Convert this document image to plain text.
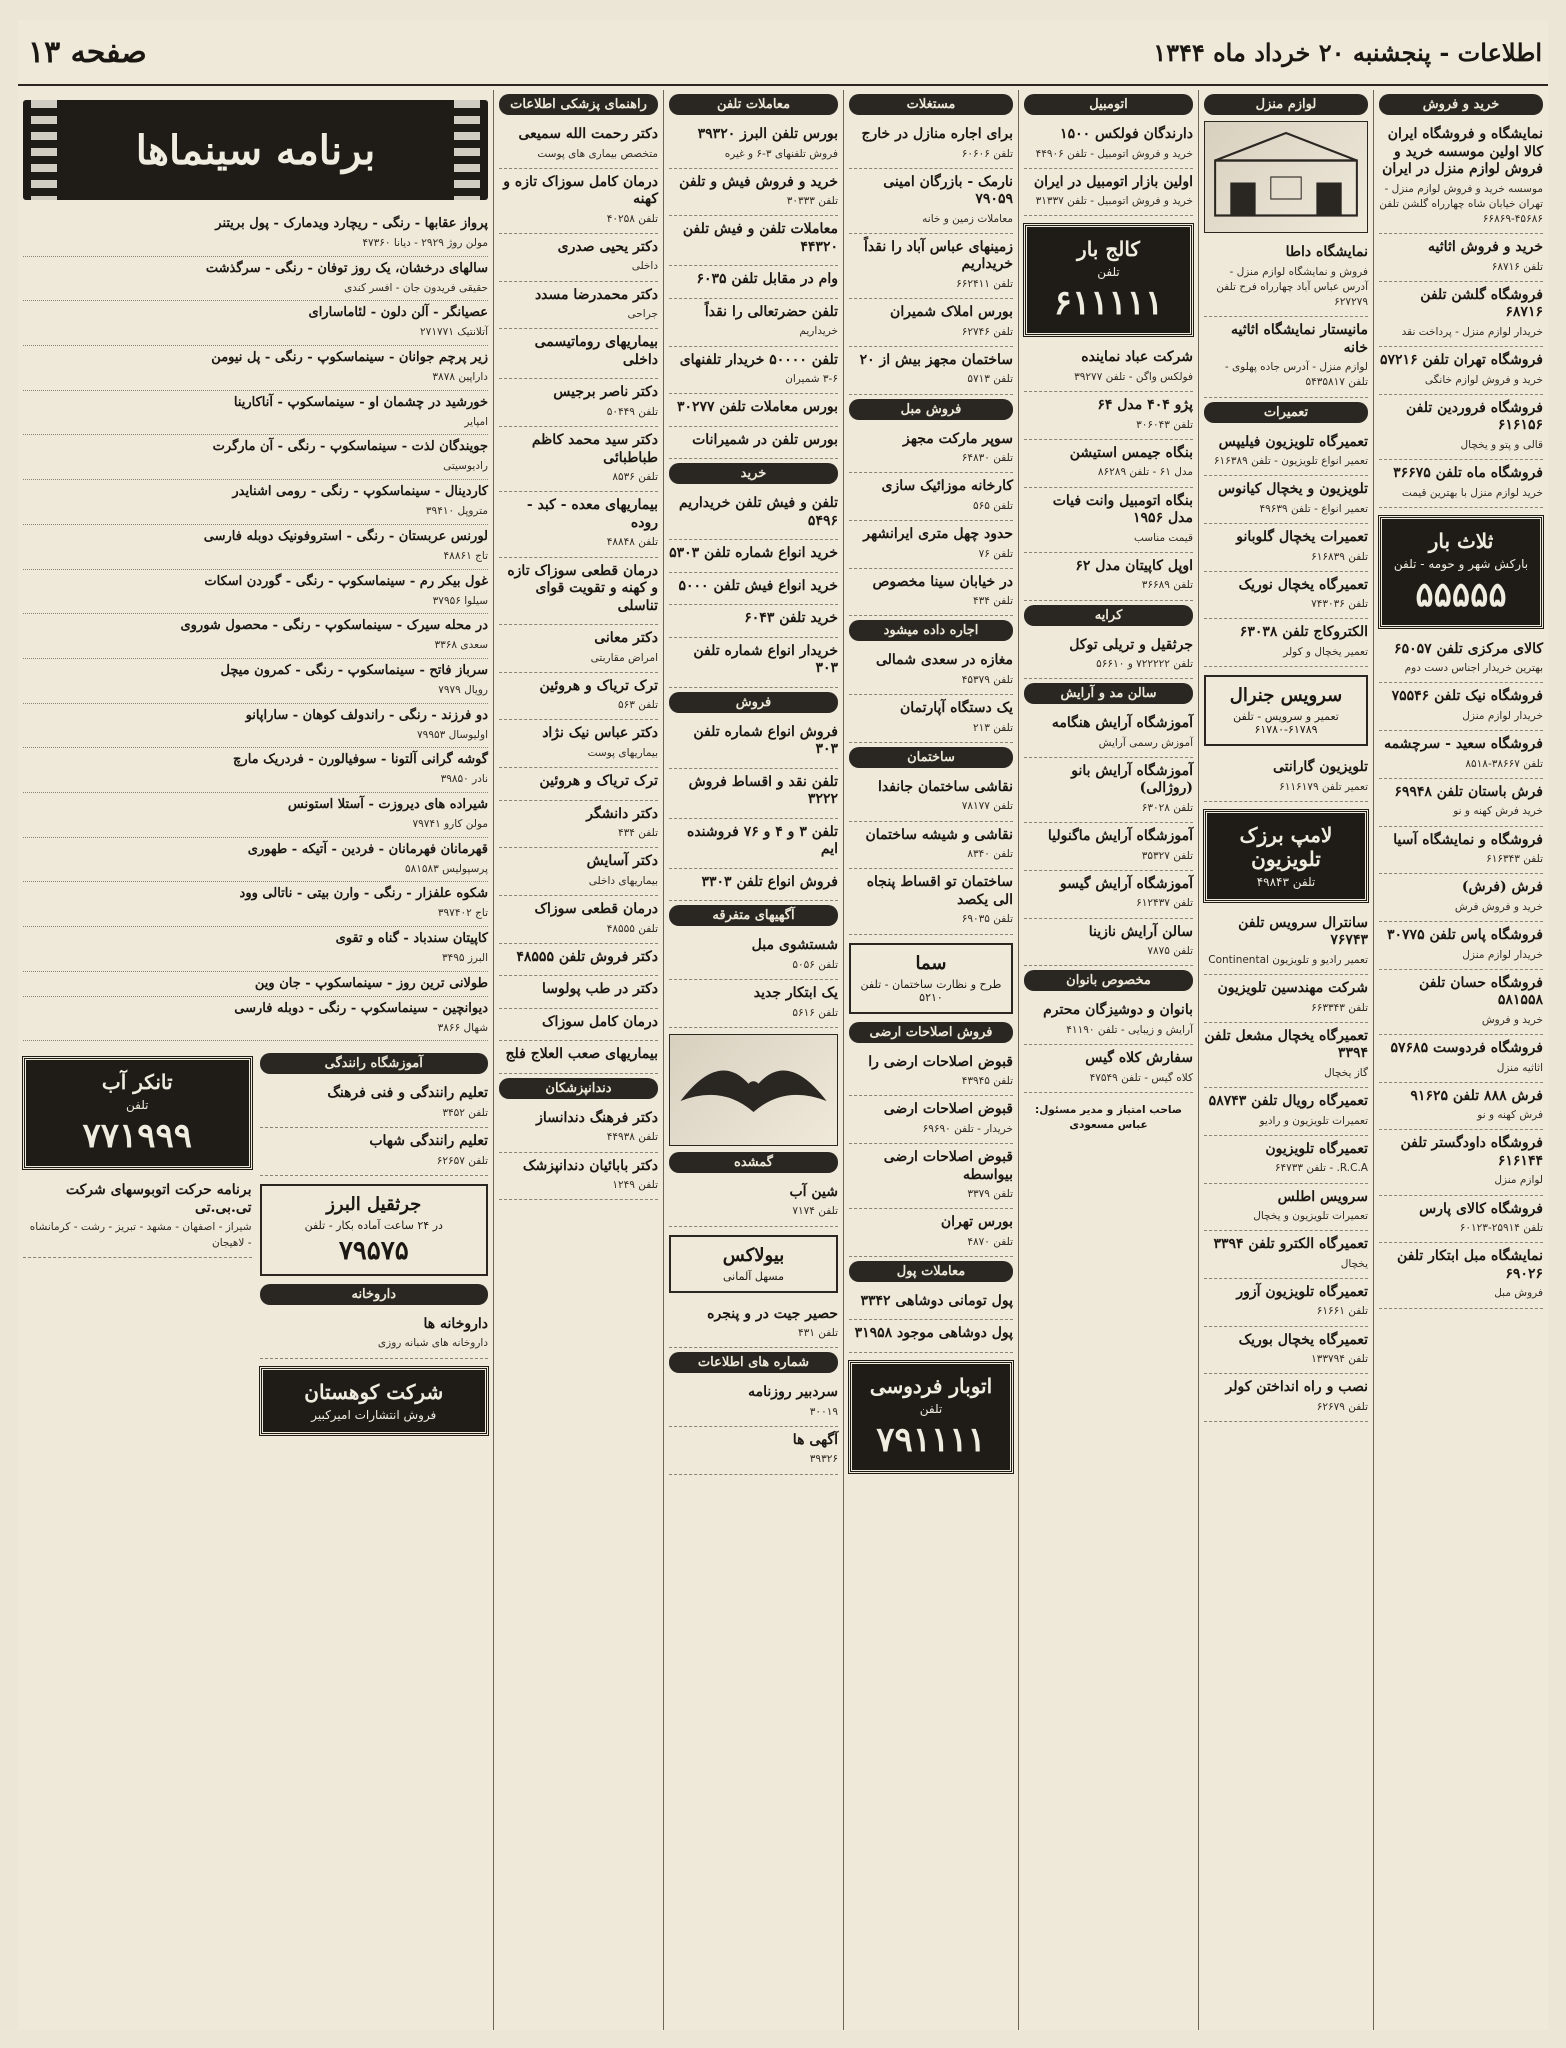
اطلاعات - پنجشنبه ۲۰ خرداد ماه ۱۳۴۴
صفحه ۱۳
خرید و فروش
نمایشگاه و فروشگاه ایران کالا اولین موسسه خرید و فروش لوازم منزل در ایران

موسسه خرید و فروش لوازم منزل - تهران خیابان شاه چهارراه گلشن تلفن ۴۵۶۸۶-۶۶۸۶۹

خرید و فروش اثاثیه

تلفن ۶۸۷۱۶

فروشگاه گلشن تلفن ۶۸۷۱۶

خریدار لوازم منزل - پرداخت نقد

فروشگاه تهران تلفن ۵۷۲۱۶

خرید و فروش لوازم خانگی

فروشگاه فروردین تلفن ۶۱۶۱۵۶

قالی و پتو و یخچال

فروشگاه ماه تلفن ۳۶۶۷۵

خرید لوازم منزل با بهترین قیمت

ثلاث بار
بارکش شهر و حومه - تلفن
۵۵۵۵۵
کالای مرکزی تلفن ۶۵۰۵۷

بهترین خریدار اجناس دست دوم

فروشگاه نیک تلفن ۷۵۵۴۶

خریدار لوازم منزل

فروشگاه سعید - سرچشمه

تلفن ۳۸۶۶۷-۸۵۱۸

فرش باستان تلفن ۶۹۹۴۸

خرید فرش کهنه و نو

فروشگاه و نمایشگاه آسیا

تلفن ۶۱۶۳۴۳

فرش (فرش)

خرید و فروش فرش

فروشگاه پاس تلفن ۳۰۷۷۵

خریدار لوازم منزل

فروشگاه حسان تلفن ۵۸۱۵۵۸

خرید و فروش

فروشگاه فردوست ۵۷۶۸۵

اثاثیه منزل

فرش ۸۸۸ تلفن ۹۱۶۲۵

فرش کهنه و نو

فروشگاه داودگستر تلفن ۶۱۶۱۴۴

لوازم منزل

فروشگاه کالای پارس

تلفن ۲۵۹۱۴-۶۰۱۲۳

نمایشگاه مبل ابتکار تلفن ۶۹۰۲۶

فروش مبل

لوازم منزل
نمایشگاه داطا

فروش و نمایشگاه لوازم منزل - آدرس عباس آباد چهارراه فرح تلفن ۶۲۷۲۷۹

مانیستار نمایشگاه اثاثیه خانه

لوازم منزل - آدرس جاده پهلوی - تلفن ۵۴۳۵۸۱۷

تعمیرات
تعمیرگاه تلویزیون فیلیپس

تعمیر انواع تلویزیون - تلفن ۶۱۶۳۸۹

تلویزیون و یخچال کیانوس

تعمیر انواع - تلفن ۴۹۶۳۹

تعمیرات یخچال گلوبانو

تلفن ۶۱۶۸۳۹

تعمیرگاه یخچال نوریک

تلفن ۷۴۳۰۳۶

الکتروکاج تلفن ۶۳۰۳۸

تعمیر یخچال و کولر

سرویس جنرال
تعمیر و سرویس - تلفن ۶۱۷۸۹-۶۱۷۸۰
تلویزیون گارانتی

تعمیر تلفن ۶۱۱۶۱۷۹

لامپ برزک تلویزیون
تلفن ۴۹۸۴۳
سانترال سرویس تلفن ۷۶۷۴۳

تعمیر رادیو و تلویزیون Continental

شرکت مهندسین تلویزیون

تلفن ۶۶۳۳۴۳

تعمیرگاه یخچال مشعل تلفن ۳۳۹۴

گاز یخچال

تعمیرگاه رویال تلفن ۵۸۷۴۳

تعمیرات تلویزیون و رادیو

تعمیرگاه تلویزیون

R.C.A. - تلفن ۶۴۷۳۳

سرویس اطلس

تعمیرات تلویزیون و یخچال

تعمیرگاه الکترو تلفن ۳۳۹۴

یخچال

تعمیرگاه تلویزیون آزور

تلفن ۶۱۶۶۱

تعمیرگاه یخچال بوریک

تلفن ۱۳۳۷۹۴

نصب و راه انداختن کولر

تلفن ۶۲۶۷۹

اتومبیل
دارندگان فولکس ۱۵۰۰

خرید و فروش اتومبیل - تلفن ۴۴۹۰۶

اولین بازار اتومبیل در ایران

خرید و فروش اتومبیل - تلفن ۳۱۳۳۷

کالج بار
تلفن
۶۱۱۱۱۱
شرکت عباد نماینده

فولکس واگن - تلفن ۳۹۲۷۷

پژو ۴۰۴ مدل ۶۴

تلفن ۳۰۶۰۴۳

بنگاه جیمس استیشن

مدل ۶۱ - تلفن ۸۶۲۸۹

بنگاه اتومبیل وانت فیات مدل ۱۹۵۶

قیمت مناسب

اوپل کاپیتان مدل ۶۲

تلفن ۳۶۶۸۹

کرایه
جرثقیل و تریلی توکل

تلفن ۷۲۲۲۲۲ و ۵۶۶۱۰

سالن مد و آرایش
آموزشگاه آرایش هنگامه

آموزش رسمی آرایش

آموزشگاه آرایش بانو (روژالی)

تلفن ۶۳۰۲۸

آموزشگاه آرایش ماگنولیا

تلفن ۳۵۳۲۷

آموزشگاه آرایش گیسو

تلفن ۶۱۲۴۳۷

سالن آرایش نازینا

تلفن ۷۸۷۵

مخصوص بانوان
بانوان و دوشیزگان محترم

آرایش و زیبایی - تلفن ۴۱۱۹۰

سفارش کلاه گیس

کلاه گیس - تلفن ۴۷۵۴۹

صاحب امتیاز و مدیر مسئول: عباس مسعودی
مستغلات
برای اجاره منازل در خارج

تلفن ۶۰۶۰۶

نارمک - بازرگان امینی ۷۹۰۵۹

معاملات زمین و خانه

زمینهای عباس آباد را نقداً خریداریم

تلفن ۶۶۲۴۱۱

بورس املاک شمیران

تلفن ۶۲۷۴۶

ساختمان مجهز بیش از ۲۰

تلفن ۵۷۱۳

فروش مبل
سوپر مارکت مجهز

تلفن ۶۴۸۳۰

کارخانه موزائیک سازی

تلفن ۵۶۵

حدود چهل متری ایرانشهر

تلفن ۷۶

در خیابان سینا مخصوص

تلفن ۴۳۴

اجاره داده میشود
مغازه در سعدی شمالی

تلفن ۴۵۳۷۹

یک دستگاه آپارتمان

تلفن ۲۱۳

ساختمان
نقاشی ساختمان جانفدا

تلفن ۷۸۱۷۷

نقاشی و شیشه ساختمان

تلفن ۸۳۴۰

ساختمان تو اقساط پنجاه الی یکصد

تلفن ۶۹۰۳۵

سما
طرح و نظارت ساختمان - تلفن ۵۲۱۰
فروش اصلاحات ارضی
قبوض اصلاحات ارضی را

تلفن ۴۳۹۴۵

قبوض اصلاحات ارضی

خریدار - تلفن ۶۹۶۹۰

قبوض اصلاحات ارضی بیواسطه

تلفن ۳۳۷۹

بورس تهران

تلفن ۴۸۷۰

معاملات پول
پول تومانی دوشاهی ۳۳۴۲

پول دوشاهی موجود ۳۱۹۵۸

اتوبار فردوسی
تلفن
۷۹۱۱۱۱
معاملات تلفن
بورس تلفن البرز ۳۹۳۲۰

فروش تلفنهای ۳-۶ و غیره

خرید و فروش فیش و تلفن

تلفن ۳۰۳۳۳

معاملات تلفن و فیش تلفن ۴۴۳۲۰

وام در مقابل تلفن ۶۰۳۵

تلفن حضرتعالی را نقداً

خریداریم

تلفن ۵۰۰۰۰ خریدار تلفنهای

۳-۶ شمیران

بورس معاملات تلفن ۳۰۲۷۷

بورس تلفن در شمیرانات

خرید
تلفن و فیش تلفن خریداریم ۵۴۹۶

خرید انواع شماره تلفن ۵۳۰۳

خرید انواع فیش تلفن ۵۰۰۰

خرید تلفن ۶۰۴۳

خریدار انواع شماره تلفن ۳۰۳

فروش
فروش انواع شماره تلفن ۳۰۳

تلفن نقد و اقساط فروش ۳۲۲۲

تلفن ۳ و ۴ و ۷۶ فروشنده ایم

فروش انواع تلفن ۳۳۰۳

آگهیهای متفرقه
شستشوی مبل

تلفن ۵۰۵۶

یک ابتکار جدید

تلفن ۵۶۱۶

گمشده
شین آب

تلفن ۷۱۷۴

بیولاکس
مسهل آلمانی
حصیر جیت در و پنجره

تلفن ۴۳۱

شماره های اطلاعات
سردبیر روزنامه

۳۰۰۱۹

آگهی ها

۳۹۳۲۶

راهنمای پزشکی اطلاعات
دکتر رحمت الله سمیعی

متخصص بیماری های پوست

درمان کامل سوزاک تازه و کهنه

تلفن ۴۰۲۵۸

دکتر یحیی صدری

داخلی

دکتر محمدرضا مسدد

جراحی

بیماریهای روماتیسمی داخلی

دکتر ناصر برجیس

تلفن ۵۰۴۴۹

دکتر سید محمد کاظم طباطبائی

تلفن ۸۵۳۶

بیماریهای معده - کبد - روده

تلفن ۴۸۸۴۸

درمان قطعی سوزاک تازه و کهنه و تقویت قوای تناسلی

دکتر معانی

امراض مقاربتی

ترک تریاک و هروئین

تلفن ۵۶۳

دکتر عباس نیک نژاد

بیماریهای پوست

ترک تریاک و هروئین

دکتر دانشگر

تلفن ۴۳۴

دکتر آسایش

بیماریهای داخلی

درمان قطعی سوزاک

تلفن ۴۸۵۵۵

دکتر فروش تلفن ۴۸۵۵۵

دکتر در طب پولوسا

درمان کامل سوزاک

بیماریهای صعب العلاج فلج

دندانپزشکان
دکتر فرهنگ دندانساز

تلفن ۴۴۹۳۸

دکتر بابائیان دندانپزشک

تلفن ۱۲۴۹

برنامه سینماها
پرواز عقابها - رنگی - ریچارد ویدمارک - پول بریتنر
مولن روژ ۲۹۲۹ - دیانا ۴۷۳۶۰
سالهای درخشان، یک روز توفان - رنگی - سرگذشت
حقیقی فریدون جان - افسر کندی
عصیانگر - آلن دلون - لئاماسارای
آتلانتیک ۲۷۱۷۷۱
زیر پرچم جوانان - سینماسکوپ - رنگی - پل نیومن
داراپین ۳۸۷۸
خورشید در چشمان او - سینماسکوپ - آناکارینا
امپایر
جویندگان لذت - سینماسکوپ - رنگی - آن مارگرت
رادیوسیتی
کاردینال - سینماسکوپ - رنگی - رومی اشنایدر
متروپل ۳۹۴۱۰
لورنس عربستان - رنگی - استروفونیک دوبله فارسی
تاج ۴۸۸۶۱
غول بیکر رم - سینماسکوپ - رنگی - گوردن اسکات
سیلوا ۳۷۹۵۶
در محله سیرک - سینماسکوپ - رنگی - محصول شوروی
سعدی ۳۳۶۸
سرباز فاتح - سینماسکوپ - رنگی - کمرون میچل
رویال ۷۹۷۹
دو فرزند - رنگی - راندولف کوهان - ساراپانو
اولیوسال ۷۹۹۵۳
گوشه گرانی آلتونا - سوفیالورن - فردریک مارچ
نادر ۳۹۸۵۰
شیراده های دیروزت - آستلا استونس
مولن کارو ۷۹۷۴۱
قهرمانان فهرمانان - فردین - آتیکه - طهوری
پرسپولیس ۵۸۱۵۸۳
شکوه علفزار - رنگی - وارن بیتی - ناتالی وود
تاج ۳۹۷۴۰۲
کاپیتان سندباد - گناه و تقوی
البرز ۳۴۹۵
طولانی ترین روز - سینماسکوپ - جان وین
دیوانچین - سینماسکوپ - رنگی - دوبله فارسی
شهال ۳۸۶۶
آموزشگاه رانندگی
تعلیم رانندگی و فنی فرهنگ

تلفن ۳۴۵۲

تعلیم رانندگی شهاب

تلفن ۶۲۶۵۷

جرثقیل البرز
در ۲۴ ساعت آماده بکار - تلفن
۷۹۵۷۵
داروخانه
داروخانه ها

داروخانه های شبانه روزی

شرکت کوهستان
فروش انتشارات امیرکبیر
تانکر آب
تلفن
۷۷۱۹۹۹
برنامه حرکت اتوبوسهای شرکت تی.بی.تی

شیراز - اصفهان - مشهد - تبریز - رشت - کرمانشاه - لاهیجان
